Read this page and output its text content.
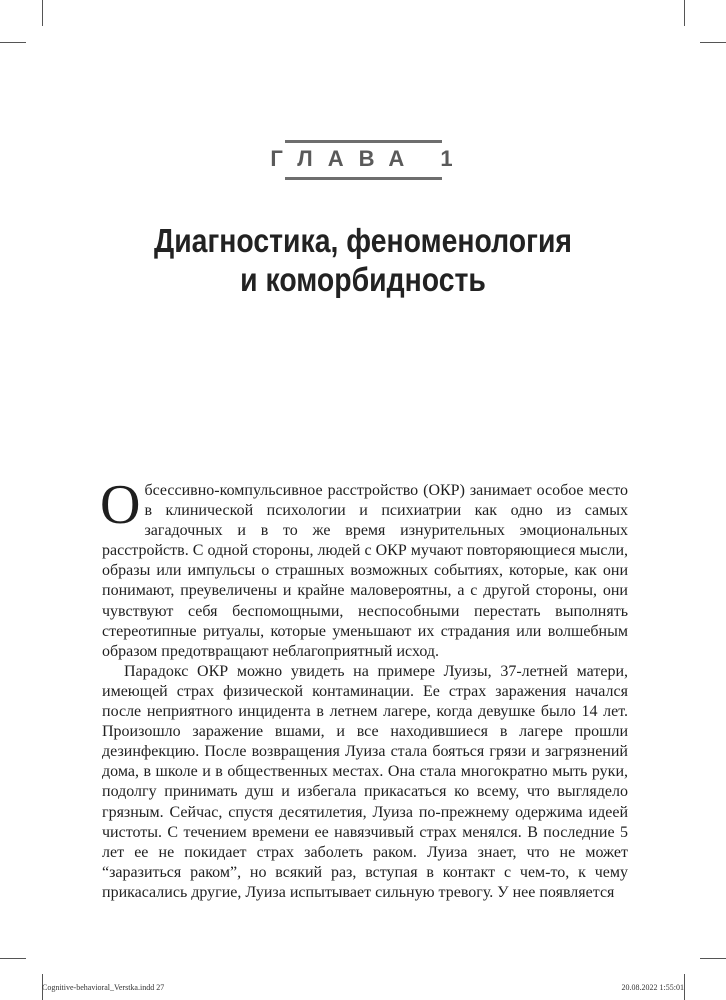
ГЛАВА 1
Диагностика, феноменология
и коморбидность

Обсессивно-компульсивное расстройство (ОКР) занимает особое место в клинической психологии и психиатрии как одно из самых загадочных и в то же время изнурительных эмоциональных расстройств. С одной стороны, людей с ОКР мучают повторяющиеся мысли, образы или импульсы о страшных возможных событиях, которые, как они понимают, преувеличены и крайне маловероятны, а с другой стороны, они чувствуют себя беспомощными, неспособными перестать выполнять стереотипные ритуалы, которые уменьшают их страдания или волшебным образом предотвращают неблагоприятный исход.

Парадокс ОКР можно увидеть на примере Луизы, 37-летней матери, имеющей страх физической контаминации. Ее страх заражения начался после неприятного инцидента в летнем лагере, когда девушке было 14 лет. Произошло заражение вшами, и все находившиеся в лагере прошли дезинфекцию. После возвращения Луиза стала бояться грязи и загрязнений дома, в школе и в общественных местах. Она стала многократно мыть руки, подолгу принимать душ и избегала прикасаться ко всему, что выглядело грязным. Сейчас, спустя десятилетия, Луиза по-прежнему одержима идеей чистоты. С течением времени ее навязчивый страх менялся. В последние 5 лет ее не покидает страх заболеть раком. Луиза знает, что не может “заразиться раком”, но всякий раз, вступая в контакт с чем-то, к чему прикасались другие, Луиза испытывает сильную тревогу. У нее появляется

Cognitive-behavioral_Verstka.indd 27	20.08.2022 1:55:01
